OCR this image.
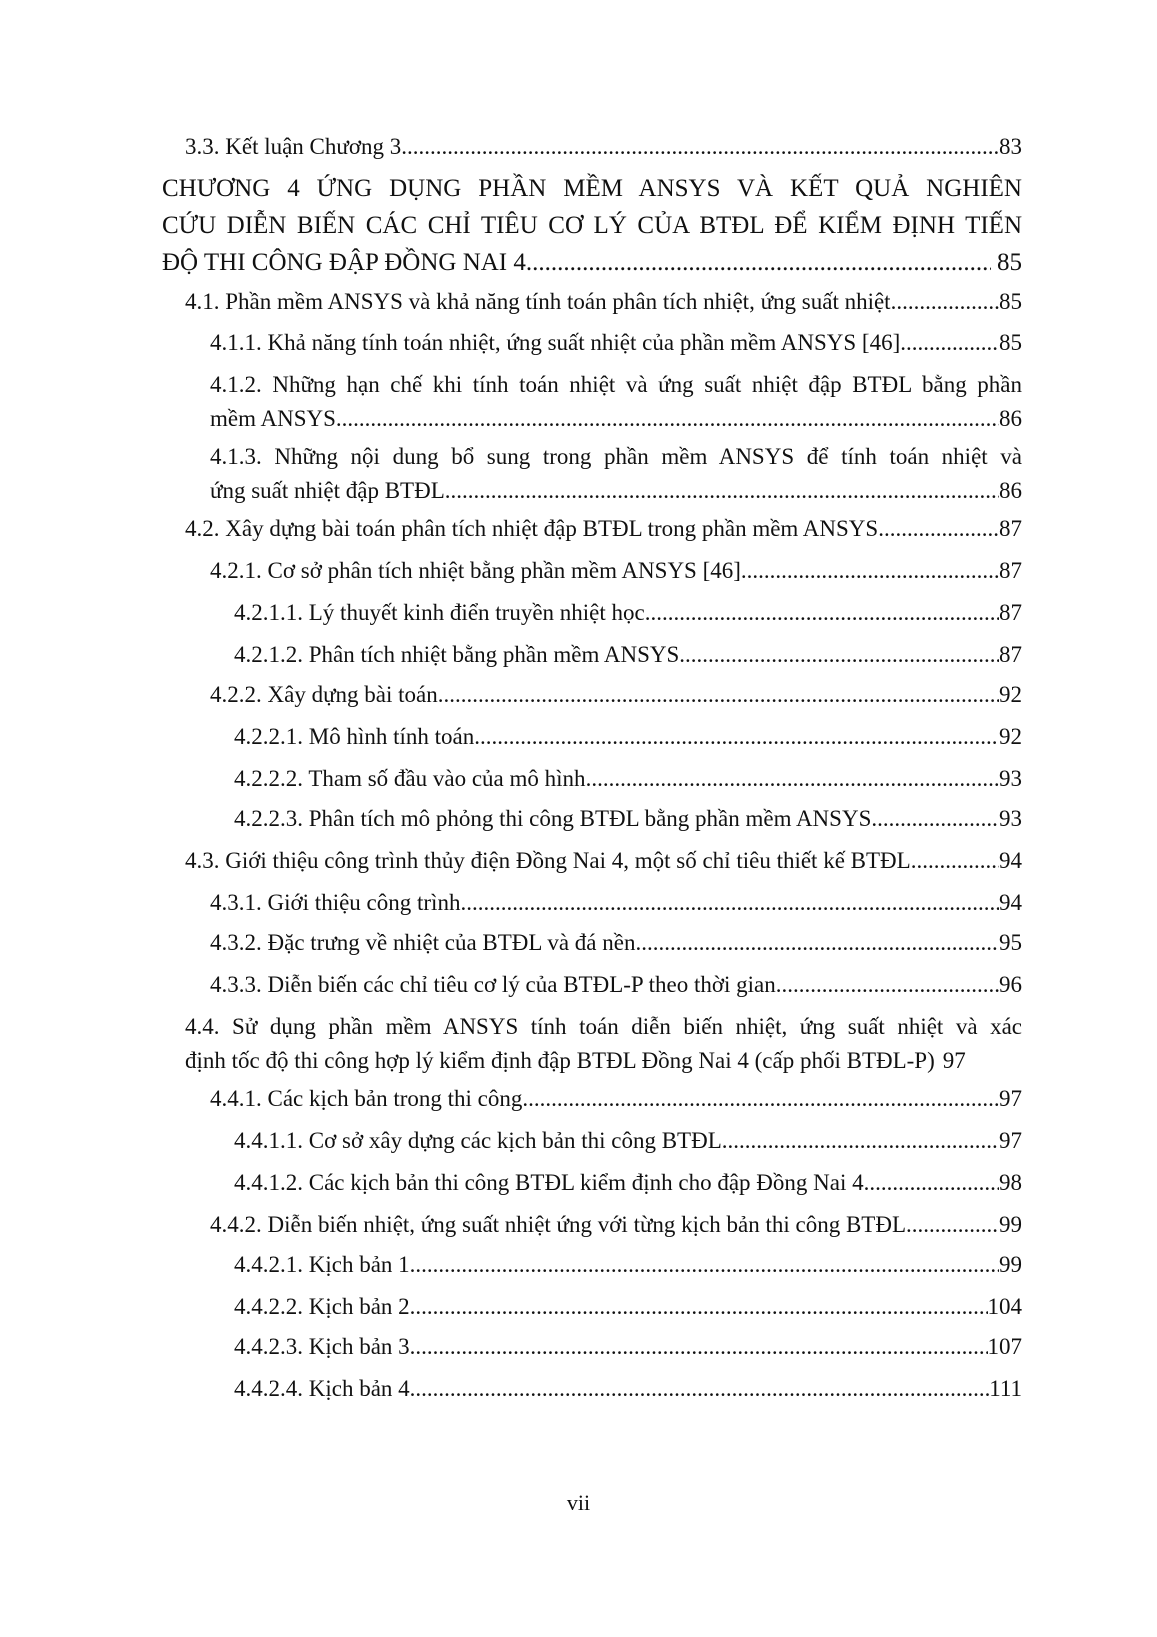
3.3. Kết luận Chương 3 .....	83
CHƯƠNG 4 ỨNG DỤNG PHẦN MỀM ANSYS VÀ KẾT QUẢ NGHIÊN
CỨU DIỄN BIẾN CÁC CHỈ TIÊU CƠ LÝ CỦA BTĐL ĐỂ KIỂM ĐỊNH TIẾN
ĐỘ THI CÔNG ĐẬP ĐỒNG NAI 4 .....	85
4.1. Phần mềm ANSYS và khả năng tính toán phân tích nhiệt, ứng suất nhiệt .....	85
4.1.1. Khả năng tính toán nhiệt, ứng suất nhiệt của phần mềm ANSYS [46] .....	85
4.1.2. Những hạn chế khi tính toán nhiệt và ứng suất nhiệt đập BTĐL bằng phần
mềm ANSYS .....	86
4.1.3. Những nội dung bổ sung trong phần mềm ANSYS để tính toán nhiệt và
ứng suất nhiệt đập BTĐL .....	86
4.2. Xây dựng bài toán phân tích nhiệt đập BTĐL trong phần mềm ANSYS .....	87
4.2.1. Cơ sở phân tích nhiệt bằng phần mềm ANSYS [46] .....	87
4.2.1.1. Lý thuyết kinh điển truyền nhiệt học .....	87
4.2.1.2. Phân tích nhiệt bằng phần mềm ANSYS .....	87
4.2.2. Xây dựng bài toán .....	92
4.2.2.1. Mô hình tính toán .....	92
4.2.2.2. Tham số đầu vào của mô hình .....	93
4.2.2.3. Phân tích mô phỏng thi công BTĐL bằng phần mềm ANSYS .....	93
4.3. Giới thiệu công trình thủy điện Đồng Nai 4, một số chỉ tiêu thiết kế BTĐL .....	94
4.3.1. Giới thiệu công trình .....	94
4.3.2. Đặc trưng về nhiệt của BTĐL và đá nền .....	95
4.3.3. Diễn biến các chỉ tiêu cơ lý của BTĐL-P theo thời gian .....	96
4.4. Sử dụng phần mềm ANSYS tính toán diễn biến nhiệt, ứng suất nhiệt và xác
định tốc độ thi công hợp lý kiểm định đập BTĐL Đồng Nai 4 (cấp phối BTĐL-P) 97
4.4.1. Các kịch bản trong thi công .....	97
4.4.1.1. Cơ sở xây dựng các kịch bản thi công BTĐL .....	97
4.4.1.2. Các kịch bản thi công BTĐL kiểm định cho đập Đồng Nai 4 .....	98
4.4.2. Diễn biến nhiệt, ứng suất nhiệt ứng với từng kịch bản thi công BTĐL .....	99
4.4.2.1. Kịch bản 1 .....	99
4.4.2.2. Kịch bản 2 .....	104
4.4.2.3. Kịch bản 3 .....	107
4.4.2.4. Kịch bản 4 .....	111
vii
